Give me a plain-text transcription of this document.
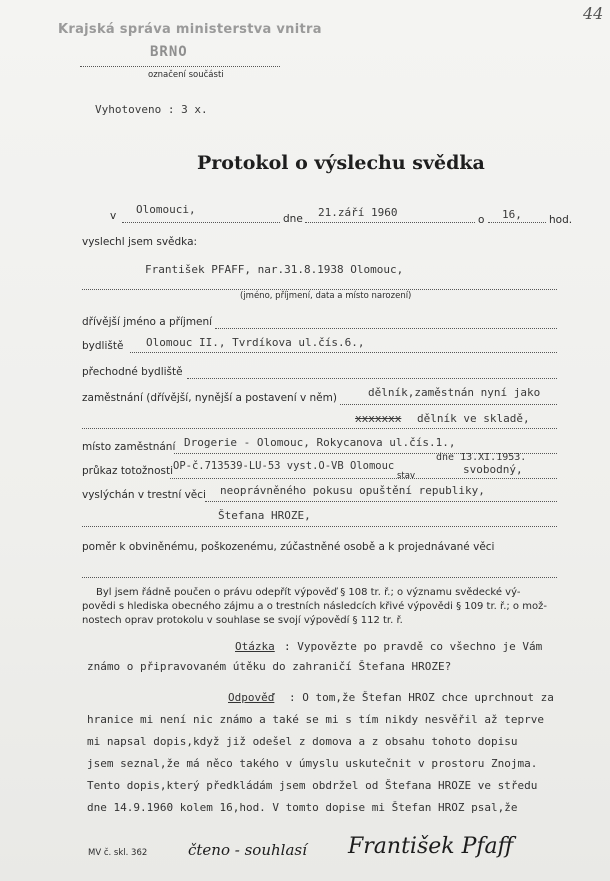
44
Krajská správa ministerstva vnitra
BRNO
označení součásti
Vyhotoveno : 3 x.
Protokol o výslechu svědka
v Olomouci,
dne 21.září 1960
o 16,	hod.
vyslechl jsem svědka:
František PFAFF, nar.31.8.1938 Olomouc,
(jméno, příjmení, data a místo narození)
dřívější jméno a příjmení
bydliště Olomouc II., Tvrdíkova ul.čís.6.,
přechodné bydliště
zaměstnání (dřívější, nynější a postavení v něm)	dělník,zaměstnán nyní jako
xxxxxxx dělník ve skladě,
místo zaměstnání Drogerie - Olomouc, Rokycanova ul.čís.1.,
dne 13.XI.1953.
průkaz totožnosti OP-č.713539-LU-53 vyst.O-VB Olomouc
stav	svobodný,
vyslýchán v trestní věci neoprávněného pokusu opuštění republiky,
Štefana HROZE,
poměr k obviněnému, poškozenému, zúčastněné osobě a k projednávané věci
Byl jsem řádně poučen o právu odepřít výpověď § 108 tr. ř.; o významu svědecké vý-
povědi s hlediska obecného zájmu a o trestních následcích křivé výpovědi § 109 tr. ř.; o mož-
nostech oprav protokolu v souhlase se svojí výpovědí § 112 tr. ř.
Otázka : Vypovězte po pravdě co všechno je Vám
známo o připravovaném útěku do zahraničí Štefana HROZE?
Odpověď : O tom,že Štefan HROZ chce uprchnout za
hranice mi není nic známo a také se mi s tím nikdy nesvěřil až teprve
mi napsal dopis,když již odešel z domova a z obsahu tohoto dopisu
jsem seznal,že má něco takého v úmyslu uskutečnit v prostoru Znojma.
Tento dopis,který předkládám jsem obdržel od Štefana HROZE ve středu
dne 14.9.1960 kolem 16,hod. V tomto dopise mi Štefan HROZ psal,že
MV č. skl. 362	čteno - souhlasí František Pfaff
